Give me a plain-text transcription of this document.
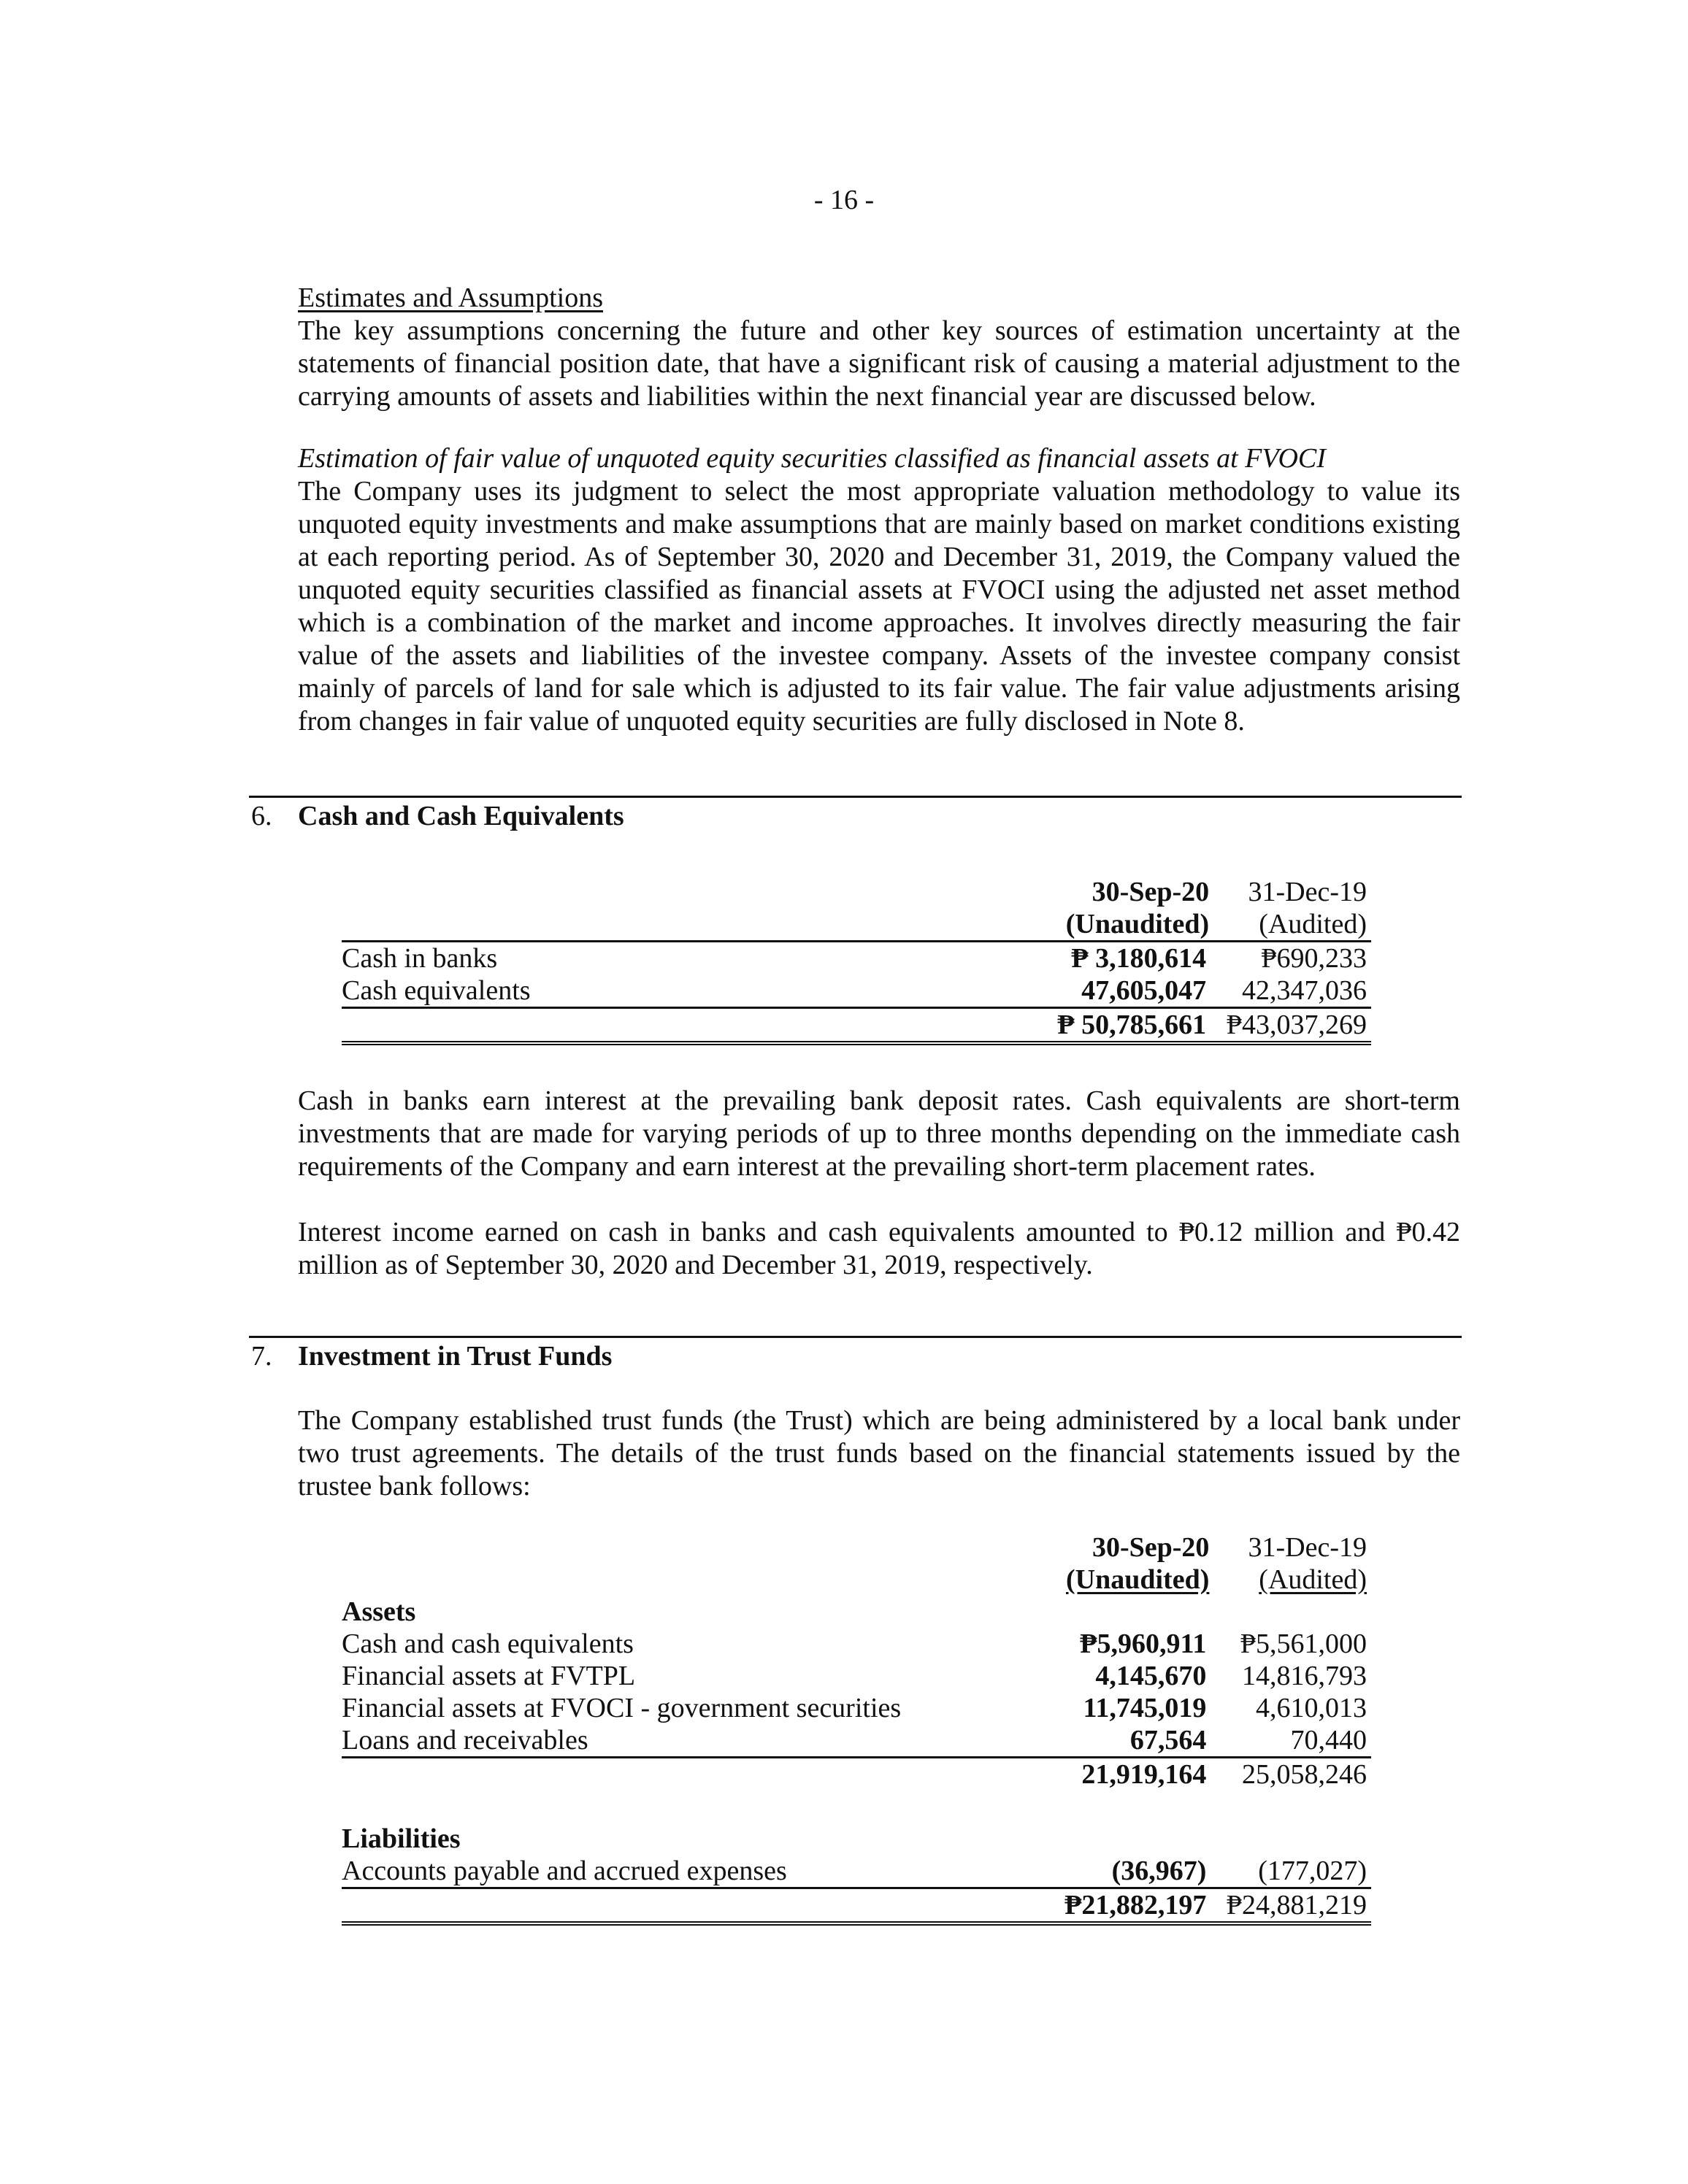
- 16 -
Estimates and Assumptions

The key assumptions concerning the future and other key sources of estimation uncertainty at the statements of financial position date, that have a significant risk of causing a material adjustment to the carrying amounts of assets and liabilities within the next financial year are discussed below.

Estimation of fair value of unquoted equity securities classified as financial assets at FVOCI

The Company uses its judgment to select the most appropriate valuation methodology to value its unquoted equity investments and make assumptions that are mainly based on market conditions existing at each reporting period. As of September 30, 2020 and December 31, 2019, the Company valued the unquoted equity securities classified as financial assets at FVOCI using the adjusted net asset method which is a combination of the market and income approaches. It involves directly measuring the fair value of the assets and liabilities of the investee company. Assets of the investee company consist mainly of parcels of land for sale which is adjusted to its fair value. The fair value adjustments arising from changes in fair value of unquoted equity securities are fully disclosed in Note 8.

6. Cash and Cash Equivalents
	30-Sep-20	31-Dec-19
	(Unaudited)	(Audited)
Cash in banks	₱ 3,180,614	₱690,233
Cash equivalents	47,605,047	42,347,036
	₱ 50,785,661	₱43,037,269

Cash in banks earn interest at the prevailing bank deposit rates. Cash equivalents are short-term investments that are made for varying periods of up to three months depending on the immediate cash requirements of the Company and earn interest at the prevailing short-term placement rates.

Interest income earned on cash in banks and cash equivalents amounted to ₱0.12 million and ₱0.42 million as of September 30, 2020 and December 31, 2019, respectively.

7. Investment in Trust Funds

The Company established trust funds (the Trust) which are being administered by a local bank under two trust agreements. The details of the trust funds based on the financial statements issued by the trustee bank follows:

	30-Sep-20	31-Dec-19
	(Unaudited)	(Audited)
Assets		
Cash and cash equivalents	₱5,960,911	₱5,561,000
Financial assets at FVTPL	4,145,670	14,816,793
Financial assets at FVOCI - government securities	11,745,019	4,610,013
Loans and receivables	67,564	70,440
	21,919,164	25,058,246

Liabilities		
Accounts payable and accrued expenses	(36,967)	(177,027)
	₱21,882,197	₱24,881,219
